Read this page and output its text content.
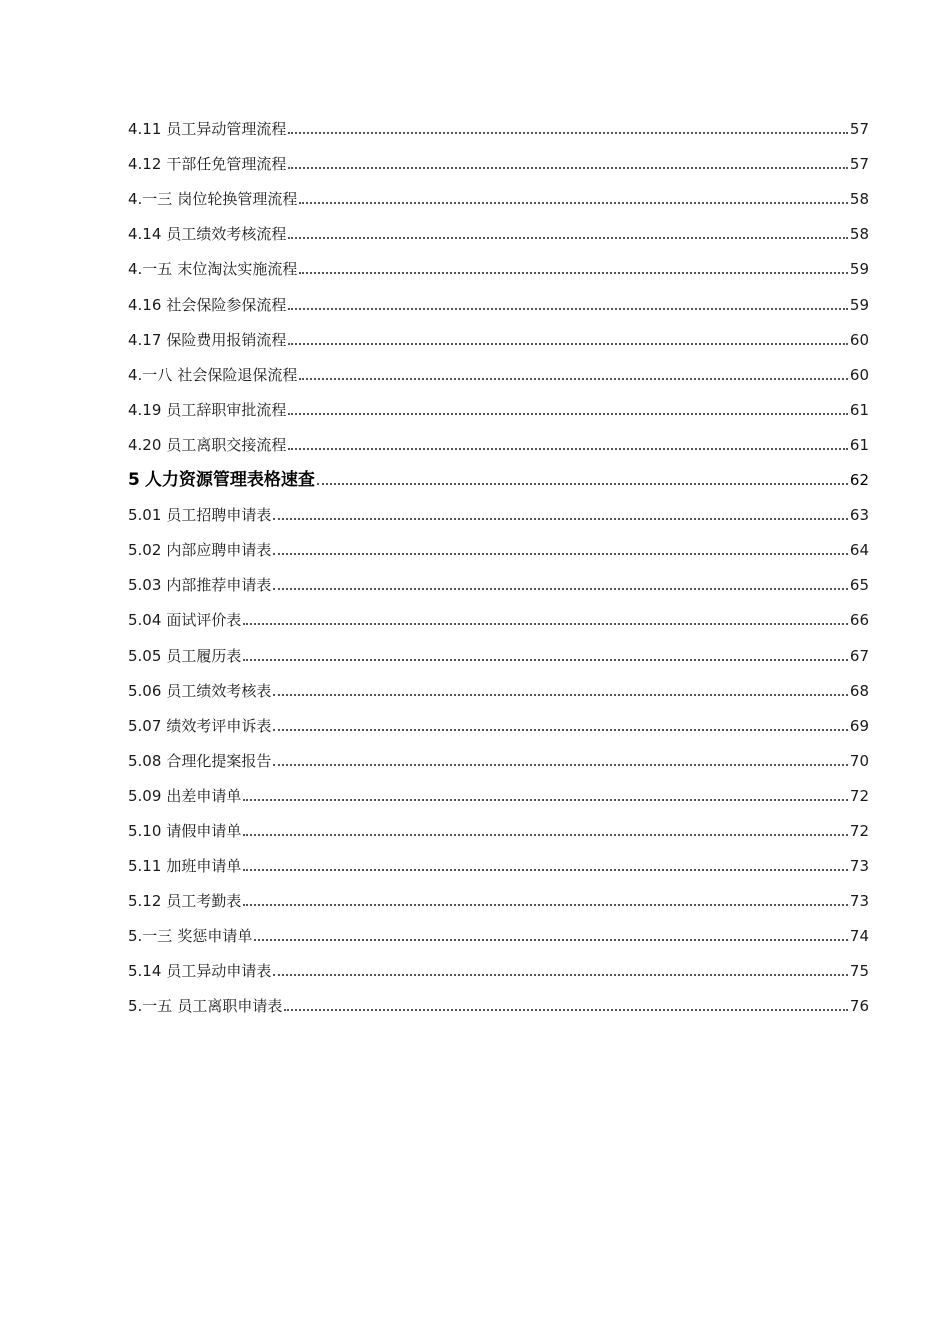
4.11 员工异动管理流程	57
4.12 干部任免管理流程	57
4.一三 岗位轮换管理流程	58
4.14 员工绩效考核流程	58
4.一五 末位淘汰实施流程	59
4.16 社会保险参保流程	59
4.17 保险费用报销流程	60
4.一八 社会保险退保流程	60
4.19 员工辞职审批流程	61
4.20 员工离职交接流程	61
5 人力资源管理表格速查	62
5.01 员工招聘申请表	63
5.02 内部应聘申请表	64
5.03 内部推荐申请表	65
5.04 面试评价表	66
5.05 员工履历表	67
5.06 员工绩效考核表	68
5.07 绩效考评申诉表	69
5.08 合理化提案报告	70
5.09 出差申请单	72
5.10 请假申请单	72
5.11 加班申请单	73
5.12 员工考勤表	73
5.一三 奖惩申请单	74
5.14 员工异动申请表	75
5.一五 员工离职申请表	76
